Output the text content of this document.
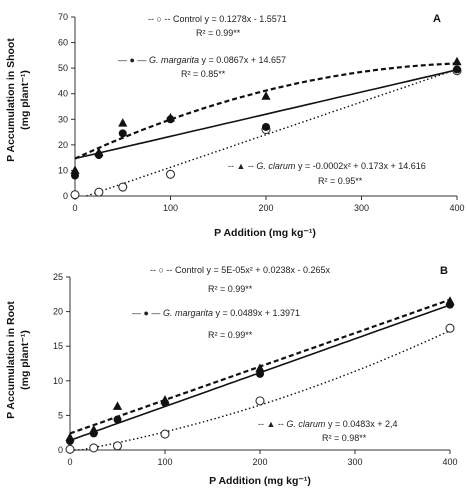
0
10
20
30
40
50
60
70
0	100	200	300	400
A
P Addition (mg kg⁻¹)
P Accumulation in Shoot (mg plant⁻¹)
-- ○ -- Control y = 0.1278x - 1.5571
R² = 0.99**
— ● — G. margarita y = 0.0867x + 14.657
R² = 0.85**
-- ▲ -- G. clarum y = -0.0002x² + 0.173x + 14.616
R² = 0.95**
0
5
10
15
20
25
0	100	200	300	400
B
P Addition (mg kg⁻¹)
P Accumulation in Root (mg plant⁻¹)
-- ○ -- Control y = 5E-05x² + 0.0238x - 0.265x
R² = 0.99**
— ● — G. margarita y = 0.0489x + 1.3971
R² = 0.99**
-- ▲ -- G. clarum y = 0.0483x + 2,4
R² = 0.98**
